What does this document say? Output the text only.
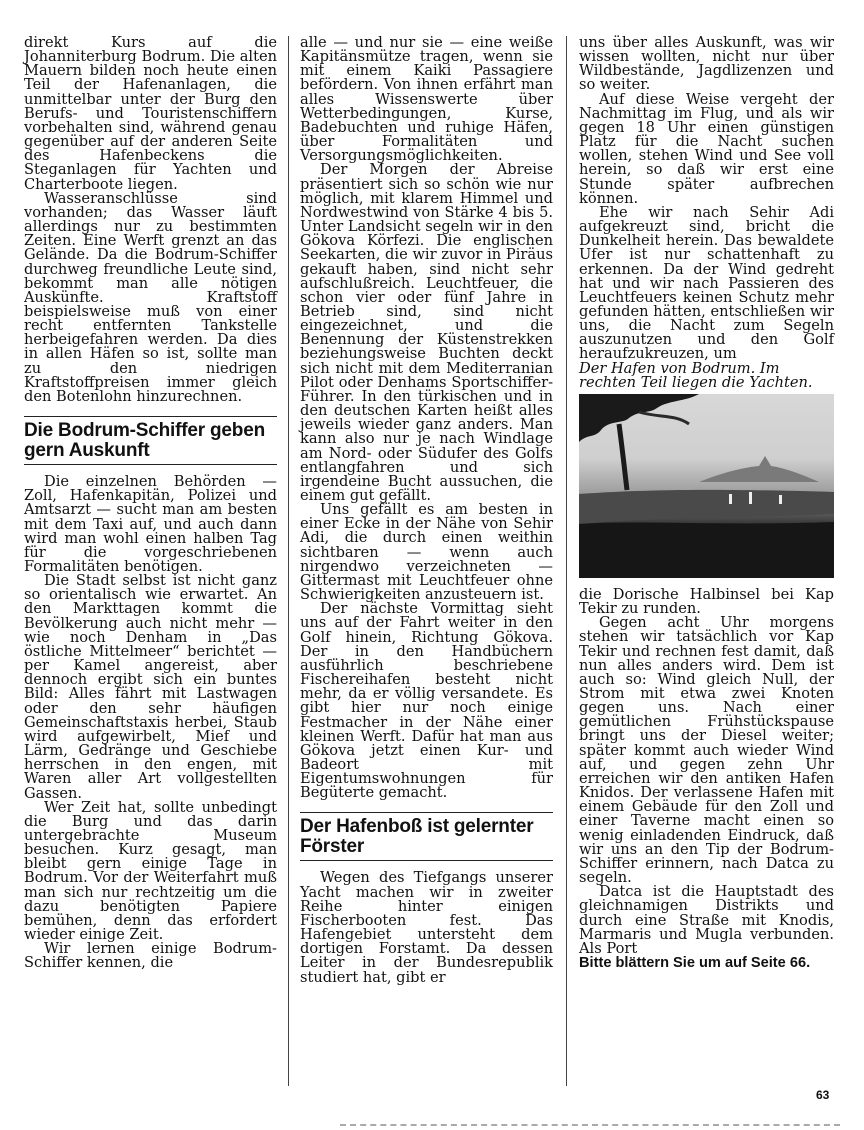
direkt Kurs auf die Johanniterburg Bodrum. Die alten Mauern bilden noch heute einen Teil der Hafenanlagen, die unmittelbar unter der Burg den Berufs- und Touristenschiffern vorbehalten sind, während genau gegenüber auf der anderen Seite des Hafenbeckens die Steganlagen für Yachten und Charterboote liegen.

Wasseranschlüsse sind vorhanden; das Wasser läuft allerdings nur zu bestimmten Zeiten. Eine Werft grenzt an das Gelände. Da die Bodrum-Schiffer durchweg freundliche Leute sind, bekommt man alle nötigen Auskünfte. Kraftstoff beispielsweise muß von einer recht entfernten Tankstelle herbeigefahren werden. Da dies in allen Häfen so ist, sollte man zu den niedrigen Kraftstoffpreisen immer gleich den Botenlohn hinzurechnen.

Die Bodrum-Schiffer geben gern Auskunft

Die einzelnen Behörden — Zoll, Hafenkapitän, Polizei und Amtsarzt — sucht man am besten mit dem Taxi auf, und auch dann wird man wohl einen halben Tag für die vorgeschriebenen Formalitäten benötigen.

Die Stadt selbst ist nicht ganz so orientalisch wie erwartet. An den Markttagen kommt die Bevölkerung auch nicht mehr — wie noch Denham in „Das östliche Mittelmeer“ berichtet — per Kamel angereist, aber dennoch ergibt sich ein buntes Bild: Alles fährt mit Lastwagen oder den sehr häufigen Gemeinschaftstaxis herbei, Staub wird aufgewirbelt, Mief und Lärm, Gedränge und Geschiebe herrschen in den engen, mit Waren aller Art vollgestellten Gassen.

Wer Zeit hat, sollte unbedingt die Burg und das darin untergebrachte Museum besuchen. Kurz gesagt, man bleibt gern einige Tage in Bodrum. Vor der Weiterfahrt muß man sich nur rechtzeitig um die dazu benötigten Papiere bemühen, denn das erfordert wieder einige Zeit.

Wir lernen einige Bodrum-Schiffer kennen, die

alle — und nur sie — eine weiße Kapitänsmütze tragen, wenn sie mit einem Kaiki Passagiere befördern. Von ihnen erfährt man alles Wissenswerte über Wetterbedingungen, Kurse, Badebuchten und ruhige Häfen, über Formalitäten und Versorgungsmöglichkeiten.

Der Morgen der Abreise präsentiert sich so schön wie nur möglich, mit klarem Himmel und Nordwestwind von Stärke 4 bis 5. Unter Landsicht segeln wir in den Gökova Körfezi. Die englischen Seekarten, die wir zuvor in Piräus gekauft haben, sind nicht sehr aufschlußreich. Leuchtfeuer, die schon vier oder fünf Jahre in Betrieb sind, sind nicht eingezeichnet, und die Benennung der Küstenstrekken beziehungsweise Buchten deckt sich nicht mit dem Mediterranian Pilot oder Denhams Sportschiffer-Führer. In den türkischen und in den deutschen Karten heißt alles jeweils wieder ganz anders. Man kann also nur je nach Windlage am Nord- oder Südufer des Golfs entlangfahren und sich irgendeine Bucht aussuchen, die einem gut gefällt.

Uns gefällt es am besten in einer Ecke in der Nähe von Sehir Adi, die durch einen weithin sichtbaren — wenn auch nirgendwo verzeichneten — Gittermast mit Leuchtfeuer ohne Schwierigkeiten anzusteuern ist.

Der nächste Vormittag sieht uns auf der Fahrt weiter in den Golf hinein, Richtung Gökova. Der in den Handbüchern ausführlich beschriebene Fischereihafen besteht nicht mehr, da er völlig versandete. Es gibt hier nur noch einige Festmacher in der Nähe einer kleinen Werft. Dafür hat man aus Gökova jetzt einen Kur- und Badeort mit Eigentumswohnungen für Begüterte gemacht.

Der Hafenboß ist gelernter Förster

Wegen des Tiefgangs unserer Yacht machen wir in zweiter Reihe hinter einigen Fischerbooten fest. Das Hafengebiet untersteht dem dortigen Forstamt. Da dessen Leiter in der Bundesrepublik studiert hat, gibt er

uns über alles Auskunft, was wir wissen wollten, nicht nur über Wildbestände, Jagdlizenzen und so weiter.

Auf diese Weise vergeht der Nachmittag im Flug, und als wir gegen 18 Uhr einen günstigen Platz für die Nacht suchen wollen, stehen Wind und See voll herein, so daß wir erst eine Stunde später aufbrechen können.

Ehe wir nach Sehir Adi aufgekreuzt sind, bricht die Dunkelheit herein. Das bewaldete Ufer ist nur schattenhaft zu erkennen. Da der Wind gedreht hat und wir nach Passieren des Leuchtfeuers keinen Schutz mehr gefunden hätten, entschließen wir uns, die Nacht zum Segeln auszunutzen und den Golf heraufzukreuzen, um

Der Hafen von Bodrum. Im rechten Teil liegen die Yachten.

die Dorische Halbinsel bei Kap Tekir zu runden.

Gegen acht Uhr morgens stehen wir tatsächlich vor Kap Tekir und rechnen fest damit, daß nun alles anders wird. Dem ist auch so: Wind gleich Null, der Strom mit etwa zwei Knoten gegen uns. Nach einer gemütlichen Frühstückspause bringt uns der Diesel weiter; später kommt auch wieder Wind auf, und gegen zehn Uhr erreichen wir den antiken Hafen Knidos. Der verlassene Hafen mit einem Gebäude für den Zoll und einer Taverne macht einen so wenig einladenden Eindruck, daß wir uns an den Tip der Bodrum-Schiffer erinnern, nach Datca zu segeln.

Datca ist die Hauptstadt des gleichnamigen Distrikts und durch eine Straße mit Knodis, Marmaris und Mugla verbunden. Als Port

Bitte blättern Sie um auf Seite 66.

63
